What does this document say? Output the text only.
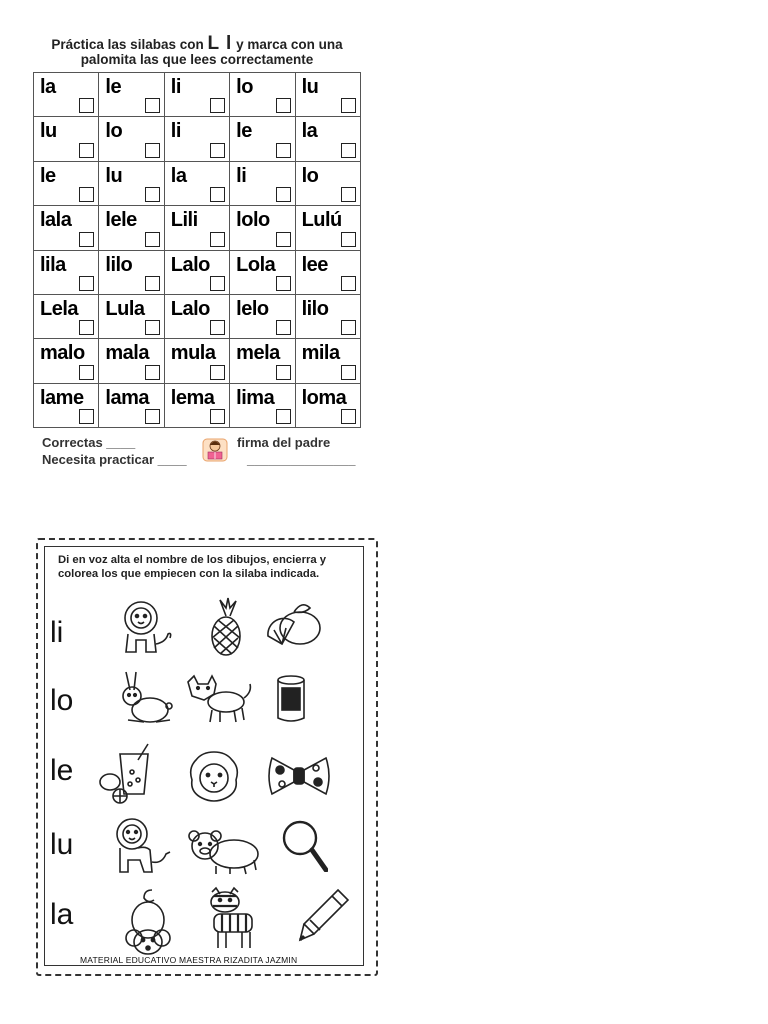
Práctica las silabas con L l y marca con una
palomita las que lees correctamente
la	le	li	lo	lu

lu	lo	li	le	la

le	lu	la	li	lo

lala	lele	Lili	lolo	Lulú

lila	lilo	Lalo	Lola	lee

Lela	Lula	Lalo	lelo	lilo

malo	mala	mula	mela	mila

lame	lama	lema	lima	loma
Correctas ____
Necesita practicar ____
firma del padre
_______________
Di en voz alta el nombre de los dibujos, encierra y colorea los que empiecen con la silaba indicada.
li
lo
le
lu
la
MATERIAL EDUCATIVO MAESTRA RIZADITA JAZMIN
